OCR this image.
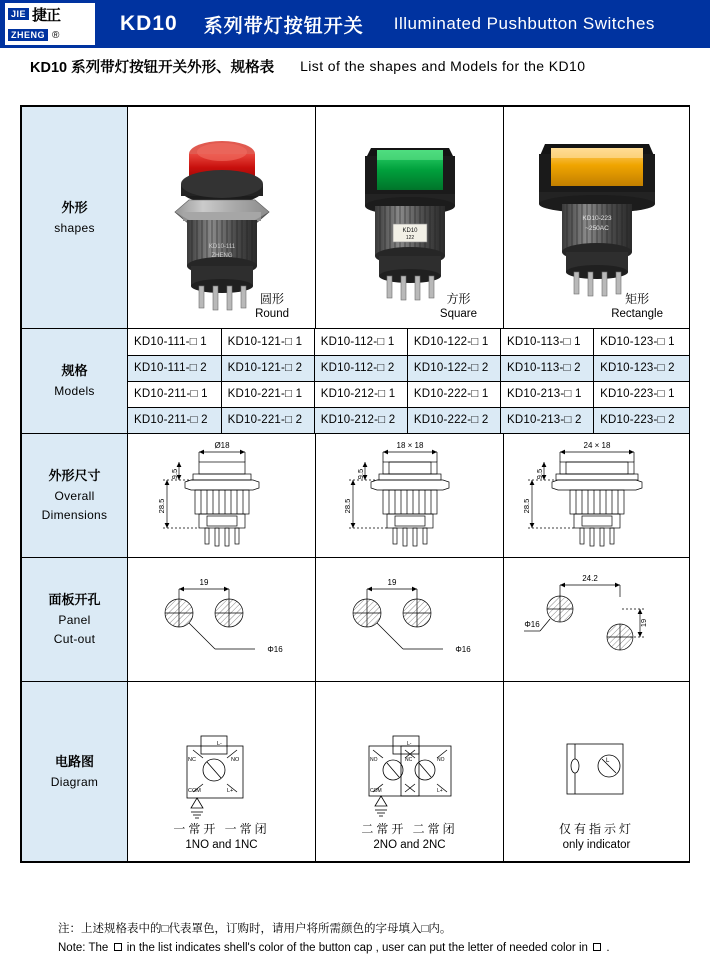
JIE 捷正
ZHENG ®	KD10 系列带灯按钮开关 Illuminated Pushbutton Switches
KD10 系列带灯按钮开关外形、规格表 List of the shapes and Models for the KD10
外形
shapes

KD10-111
ZHENG
圆形
Round

KD10
122
方形
Square

KD10-223
~250AC
矩形
Rectangle

规格
Models

KD10-111-□ 1	KD10-121-□ 1	KD10-112-□ 1	KD10-122-□ 1	KD10-113-□ 1	KD10-123-□ 1
KD10-111-□ 2	KD10-121-□ 2	KD10-112-□ 2	KD10-122-□ 2	KD10-113-□ 2	KD10-123-□ 2
KD10-211-□ 1	KD10-221-□ 1	KD10-212-□ 1	KD10-222-□ 1	KD10-213-□ 1	KD10-223-□ 1
KD10-211-□ 2	KD10-221-□ 2	KD10-212-□ 2	KD10-222-□ 2	KD10-213-□ 2	KD10-223-□ 2

外形尺寸
Overall
Dimensions

Ø18
9.5
28.5

18 × 18
9.5
28.5

24 × 18
9.5
28.5

面板开孔
Panel
Cut-out

19
Φ16

19
Φ16

24.2
19
Φ16

电路图
Diagram

NC	NO
COM	L+
L-
一常开 一常闭
1NO and 1NC

NO	NC	NO
COM	L+
L-
二常开 二常闭
2NO and 2NC

L
仅有指示灯
only indicator
注：上述规格表中的□代表罩色，订购时，请用户将所需颜色的字母填入□内。
Note: The in the list indicates shell's color of the button cap , user can put the letter of needed color in .
